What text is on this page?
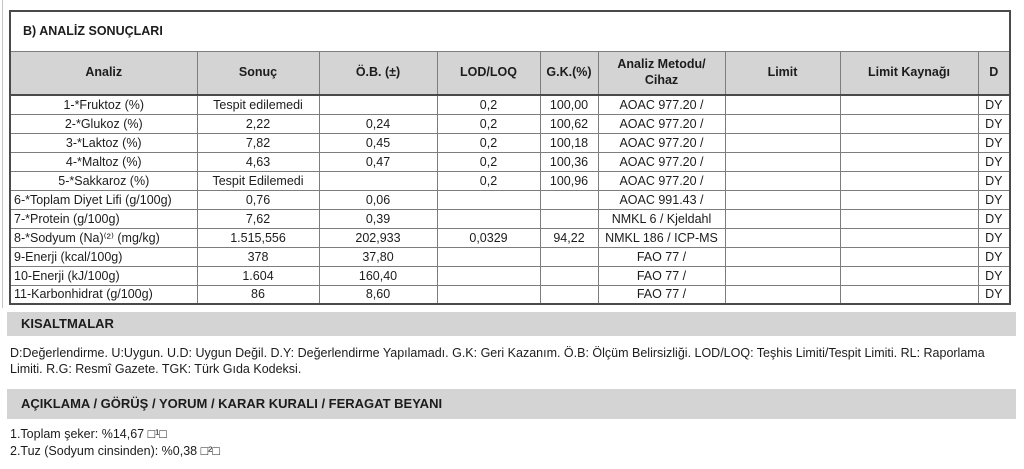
B) ANALİZ SONUÇLARI								
Analiz	Sonuç	Ö.B. (±)	LOD/LOQ	G.K.(%)	Analiz Metodu/ Cihaz	Limit	Limit Kaynağı	D
1-*Fruktoz (%)	Tespit edilemedi		0,2	100,00	AOAC 977.20 /			DY
2-*Glukoz (%)	2,22	0,24	0,2	100,62	AOAC 977.20 /			DY
3-*Laktoz (%)	7,82	0,45	0,2	100,18	AOAC 977.20 /			DY
4-*Maltoz (%)	4,63	0,47	0,2	100,36	AOAC 977.20 /			DY
5-*Sakkaroz (%)	Tespit Edilemedi		0,2	100,96	AOAC 977.20 /			DY
6-*Toplam Diyet Lifi (g/100g)	0,76	0,06			AOAC 991.43 /			DY
7-*Protein (g/100g)	7,62	0,39			NMKL 6 / Kjeldahl			DY
8-*Sodyum (Na)⁽²⁾ (mg/kg)	1.515,556	202,933	0,0329	94,22	NMKL 186 / ICP-MS			DY
9-Enerji (kcal/100g)	378	37,80			FAO 77 /			DY
10-Enerji (kJ/100g)	1.604	160,40			FAO 77 /			DY
11-Karbonhidrat (g/100g)	86	8,60			FAO 77 /			DY
KISALTMALAR
D:Değerlendirme. U:Uygun. U.D: Uygun Değil. D.Y: Değerlendirme Yapılamadı. G.K: Geri Kazanım. Ö.B: Ölçüm Belirsizliği. LOD/LOQ: Teşhis Limiti/Tespit Limiti. RL: Raporlama Limiti. R.G: Resmî Gazete. TGK: Türk Gıda Kodeksi.
AÇIKLAMA / GÖRÜŞ / YORUM / KARAR KURALI / FERAGAT BEYANI
1.Toplam şeker: %14,67 □¹□
2.Tuz (Sodyum cinsinden): %0,38 □²□
